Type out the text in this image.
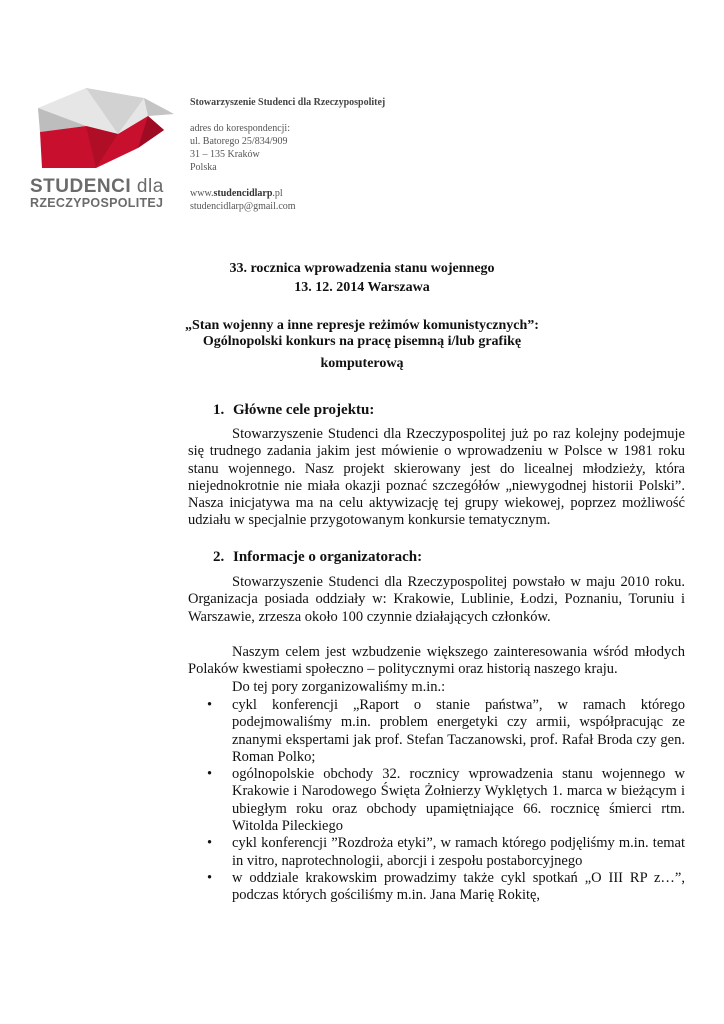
STUDENCI dla
RZECZYPOSPOLITEJ
Stowarzyszenie Studenci dla Rzeczypospolitej
adres do korespondencji:
ul. Batorego 25/834/909
31 – 135 Kraków
Polska
www.studencidlarp.pl
studencidlarp@gmail.com
33. rocznica wprowadzenia stanu wojennego
13. 12. 2014 Warszawa
„Stan wojenny a inne represje reżimów komunistycznych”:
Ogólnopolski konkurs na pracę pisemną i/lub grafikę
komputerową
1. Główne cele projektu:
Stowarzyszenie Studenci dla Rzeczypospolitej już po raz kolejny podejmuje się trudnego zadania jakim jest mówienie o wprowadzeniu w Polsce w 1981 roku stanu wojennego. Nasz projekt skierowany jest do licealnej młodzieży, która niejednokrotnie nie miała okazji poznać szczegółów „niewygodnej historii Polski”. Nasza inicjatywa ma na celu aktywizację tej grupy wiekowej, poprzez możliwość udziału w specjalnie przygotowanym konkursie tematycznym.
2. Informacje o organizatorach:
Stowarzyszenie Studenci dla Rzeczypospolitej powstało w maju 2010 roku. Organizacja posiada oddziały w: Krakowie, Lublinie, Łodzi, Poznaniu, Toruniu i Warszawie, zrzesza około 100 czynnie działających członków.
Naszym celem jest wzbudzenie większego zainteresowania wśród młodych Polaków kwestiami społeczno – politycznymi oraz historią naszego kraju.
Do tej pory zorganizowaliśmy m.in.:
• cykl konferencji „Raport o stanie państwa”, w ramach którego podejmowaliśmy m.in. problem energetyki czy armii, współpracując ze znanymi ekspertami jak prof. Stefan Taczanowski, prof. Rafał Broda czy gen. Roman Polko;
• ogólnopolskie obchody 32. rocznicy wprowadzenia stanu wojennego w Krakowie i Narodowego Święta Żołnierzy Wyklętych 1. marca w bieżącym i ubiegłym roku oraz obchody upamiętniające 66. rocznicę śmierci rtm. Witolda Pileckiego
• cykl konferencji ”Rozdroża etyki”, w ramach którego podjęliśmy m.in. temat in vitro, naprotechnologii, aborcji i zespołu postaborcyjnego
• w oddziale krakowskim prowadzimy także cykl spotkań „O III RP z…”, podczas których gościliśmy m.in. Jana Marię Rokitę,
